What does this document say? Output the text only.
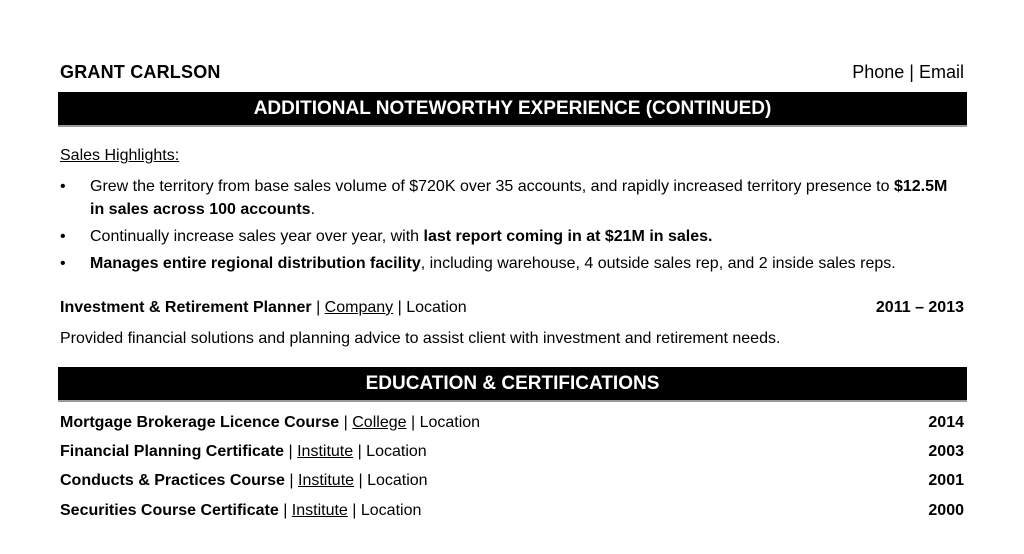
GRANT CARLSON	Phone | Email
ADDITIONAL NOTEWORTHY EXPERIENCE (CONTINUED)
Sales Highlights:
• Grew the territory from base sales volume of $720K over 35 accounts, and rapidly increased territory presence to $12.5M in sales across 100 accounts.
• Continually increase sales year over year, with last report coming in at $21M in sales.
• Manages entire regional distribution facility, including warehouse, 4 outside sales rep, and 2 inside sales reps.
Investment & Retirement Planner | Company | Location	2011 – 2013
Provided financial solutions and planning advice to assist client with investment and retirement needs.
EDUCATION & CERTIFICATIONS
Mortgage Brokerage Licence Course | College | Location	2014
Financial Planning Certificate | Institute | Location	2003
Conducts & Practices Course | Institute | Location	2001
Securities Course Certificate | Institute | Location	2000
